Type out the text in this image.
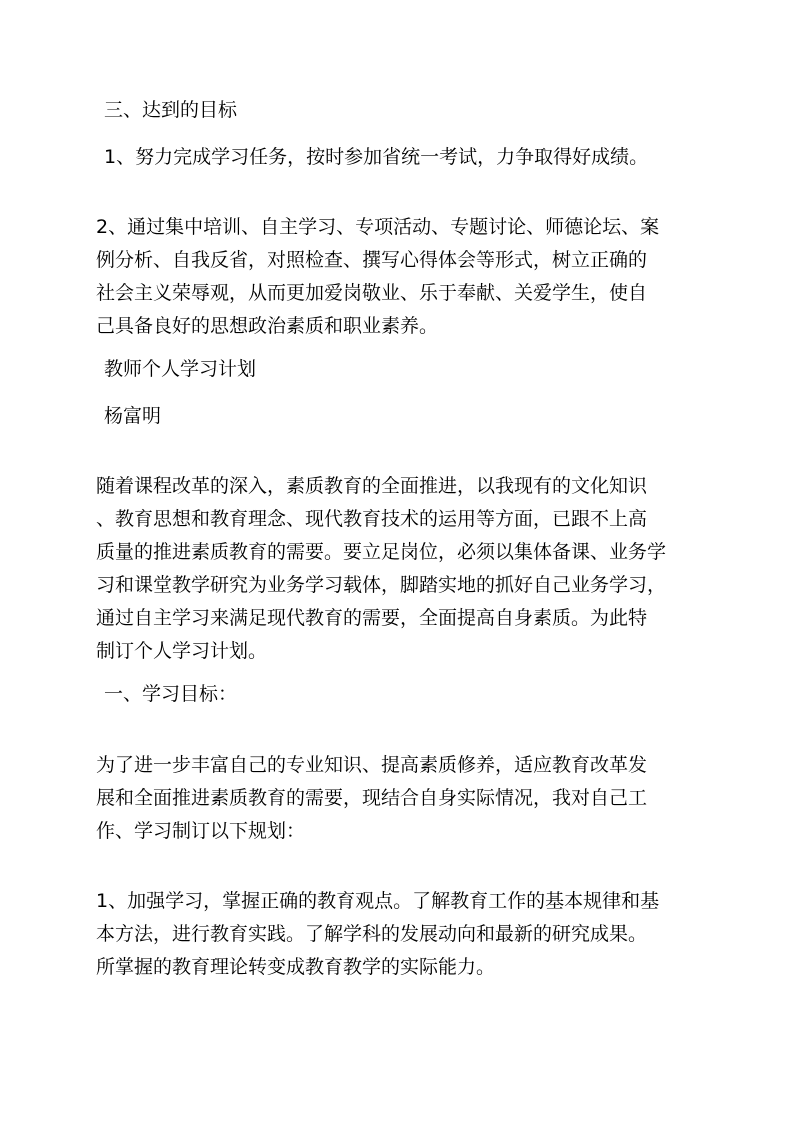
三、达到的目标
1、努力完成学习任务，按时参加省统一考试，力争取得好成绩。
2、通过集中培训、自主学习、专项活动、专题讨论、师德论坛、案
例分析、自我反省，对照检查、撰写心得体会等形式，树立正确的
社会主义荣辱观，从而更加爱岗敬业、乐于奉献、关爱学生，使自
己具备良好的思想政治素质和职业素养。
教师个人学习计划
杨富明
随着课程改革的深入，素质教育的全面推进，以我现有的文化知识
、教育思想和教育理念、现代教育技术的运用等方面，已跟不上高
质量的推进素质教育的需要。要立足岗位，必须以集体备课、业务学
习和课堂教学研究为业务学习载体，脚踏实地的抓好自己业务学习，
通过自主学习来满足现代教育的需要，全面提高自身素质。为此特
制订个人学习计划。
一、学习目标：
为了进一步丰富自己的专业知识、提高素质修养，适应教育改革发
展和全面推进素质教育的需要，现结合自身实际情况，我对自己工
作、学习制订以下规划：
1、加强学习，掌握正确的教育观点。了解教育工作的基本规律和基
本方法，进行教育实践。了解学科的发展动向和最新的研究成果。
所掌握的教育理论转变成教育教学的实际能力。
